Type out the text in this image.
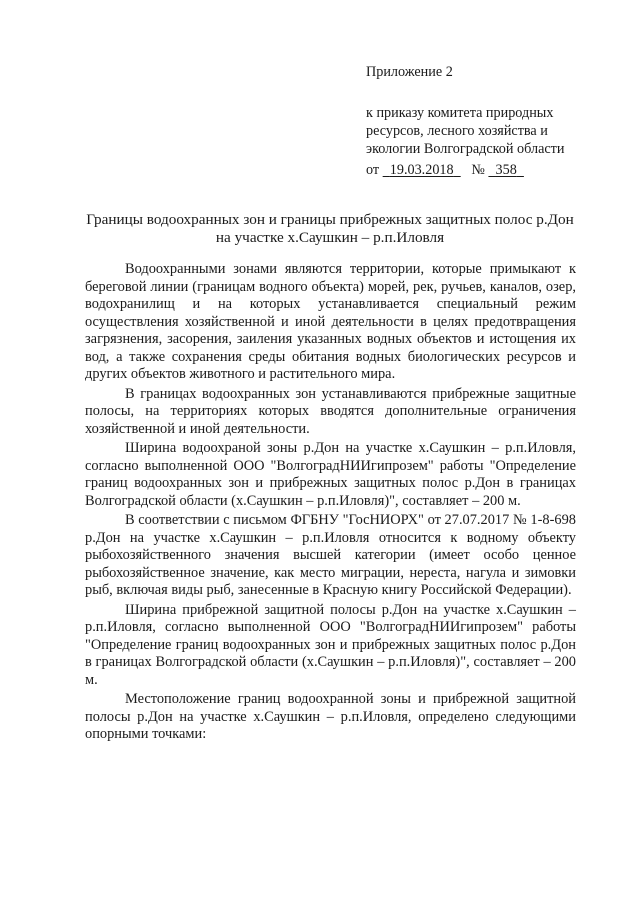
Приложение 2
к приказу комитета природных
ресурсов, лесного хозяйства и
экологии Волгоградской области
от 19.03.2018 № 358
Границы водоохранных зон и границы прибрежных защитных полос р.Дон
на участке х.Саушкин – р.п.Иловля

Водоохранными зонами являются территории, которые примыкают к береговой линии (границам водного объекта) морей, рек, ручьев, каналов, озер, водохранилищ и на которых устанавливается специальный режим осуществления хозяйственной и иной деятельности в целях предотвращения загрязнения, засорения, заиления указанных водных объектов и истощения их вод, а также сохранения среды обитания водных биологических ресурсов и других объектов животного и растительного мира.

В границах водоохранных зон устанавливаются прибрежные защитные полосы, на территориях которых вводятся дополнительные ограничения хозяйственной и иной деятельности.

Ширина водоохраной зоны р.Дон на участке х.Саушкин – р.п.Иловля, согласно выполненной ООО "ВолгоградНИИгипрозем" работы "Определение границ водоохранных зон и прибрежных защитных полос р.Дон в границах Волгоградской области (х.Саушкин – р.п.Иловля)", составляет – 200 м.

В соответствии с письмом ФГБНУ "ГосНИОРХ" от 27.07.2017 № 1-8-698 р.Дон на участке х.Саушкин – р.п.Иловля относится к водному объекту рыбохозяйственного значения высшей категории (имеет особо ценное рыбохозяйственное значение, как место миграции, нереста, нагула и зимовки рыб, включая виды рыб, занесенные в Красную книгу Российской Федерации).

Ширина прибрежной защитной полосы р.Дон на участке х.Саушкин – р.п.Иловля, согласно выполненной ООО "ВолгоградНИИгипрозем" работы "Определение границ водоохранных зон и прибрежных защитных полос р.Дон в границах Волгоградской области (х.Саушкин – р.п.Иловля)", составляет – 200 м.

Местоположение границ водоохранной зоны и прибрежной защитной полосы р.Дон на участке х.Саушкин – р.п.Иловля, определено следующими опорными точками:
